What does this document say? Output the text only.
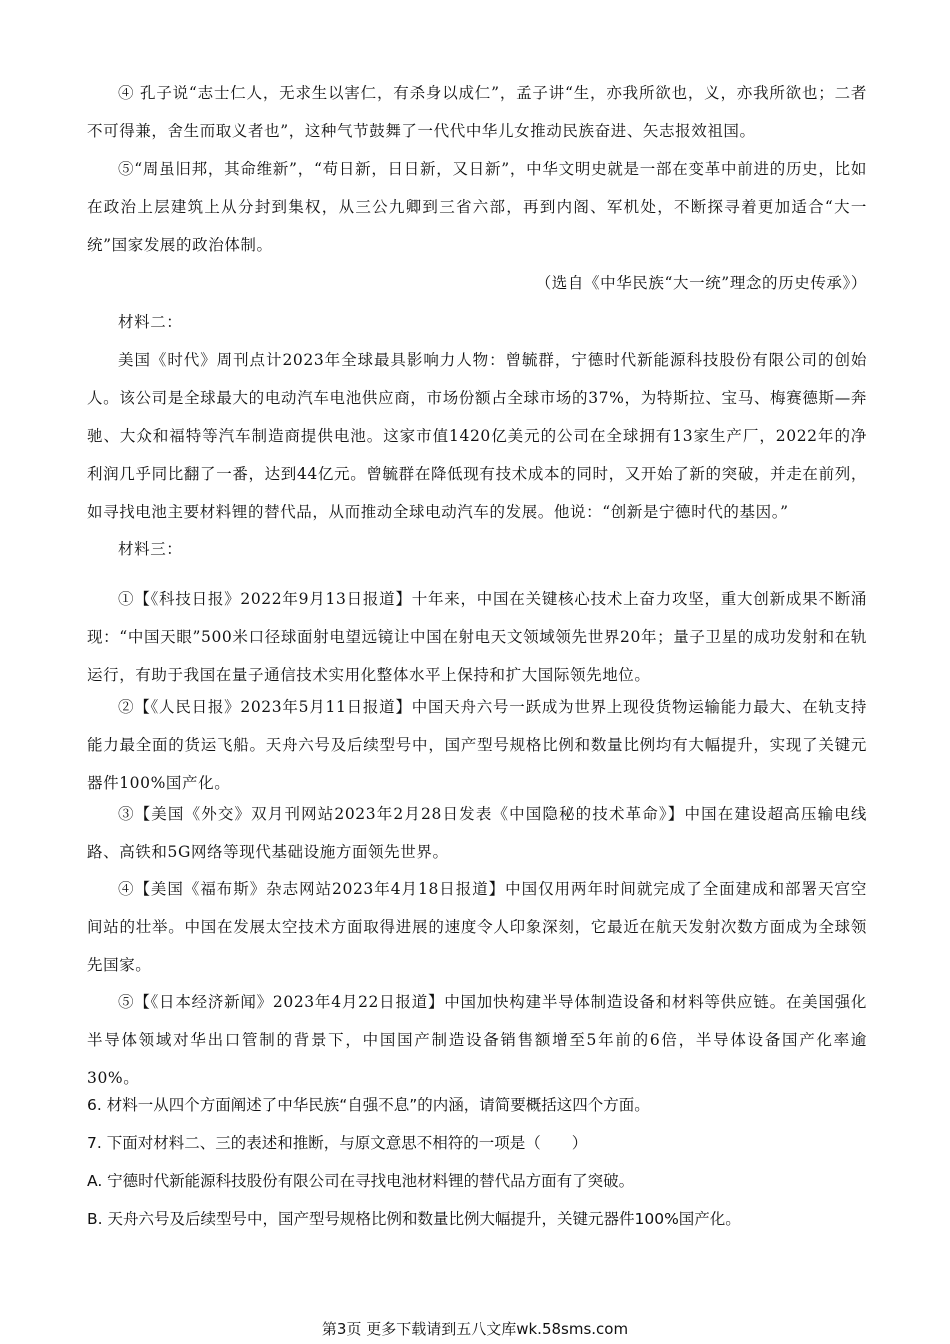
④ 孔子说“志士仁人，无求生以害仁，有杀身以成仁”，孟子讲“生，亦我所欲也，义，亦我所欲也；二者不可得兼，舍生而取义者也”，这种气节鼓舞了一代代中华儿女推动民族奋进、矢志报效祖国。

⑤“周虽旧邦，其命维新”，“苟日新，日日新，又日新”，中华文明史就是一部在变革中前进的历史，比如在政治上层建筑上从分封到集权，从三公九卿到三省六部，再到内阁、军机处，不断探寻着更加适合“大一统”国家发展的政治体制。

（选自《中华民族“大一统”理念的历史传承》）

材料二：

美国《时代》周刊点计2023年全球最具影响力人物：曾毓群，宁德时代新能源科技股份有限公司的创始人。该公司是全球最大的电动汽车电池供应商，市场份额占全球市场的37%，为特斯拉、宝马、梅赛德斯—奔驰、大众和福特等汽车制造商提供电池。这家市值1420亿美元的公司在全球拥有13家生产厂，2022年的净利润几乎同比翻了一番，达到44亿元。曾毓群在降低现有技术成本的同时，又开始了新的突破，并走在前列，如寻找电池主要材料锂的替代品，从而推动全球电动汽车的发展。他说：“创新是宁德时代的基因。”

材料三：

①【《科技日报》2022年9月13日报道】十年来，中国在关键核心技术上奋力攻坚，重大创新成果不断涌现：“中国天眼”500米口径球面射电望远镜让中国在射电天文领域领先世界20年；量子卫星的成功发射和在轨运行，有助于我国在量子通信技术实用化整体水平上保持和扩大国际领先地位。

②【《人民日报》2023年5月11日报道】中国天舟六号一跃成为世界上现役货物运输能力最大、在轨支持能力最全面的货运飞船。天舟六号及后续型号中，国产型号规格比例和数量比例均有大幅提升，实现了关键元器件100%国产化。

③【美国《外交》双月刊网站2023年2月28日发表《中国隐秘的技术革命》】中国在建设超高压输电线路、高铁和5G网络等现代基础设施方面领先世界。

④【美国《福布斯》杂志网站2023年4月18日报道】中国仅用两年时间就完成了全面建成和部署天宫空间站的壮举。中国在发展太空技术方面取得进展的速度令人印象深刻，它最近在航天发射次数方面成为全球领先国家。

⑤【《日本经济新闻》2023年4月22日报道】中国加快构建半导体制造设备和材料等供应链。在美国强化半导体领域对华出口管制的背景下，中国国产制造设备销售额增至5年前的6倍，半导体设备国产化率逾30%。

6. 材料一从四个方面阐述了中华民族“自强不息”的内涵，请简要概括这四个方面。

7. 下面对材料二、三的表述和推断，与原文意思不相符的一项是（　　）

A. 宁德时代新能源科技股份有限公司在寻找电池材料锂的替代品方面有了突破。

B. 天舟六号及后续型号中，国产型号规格比例和数量比例大幅提升，关键元器件100%国产化。

第3页 更多下载请到五八文库wk.58sms.com
